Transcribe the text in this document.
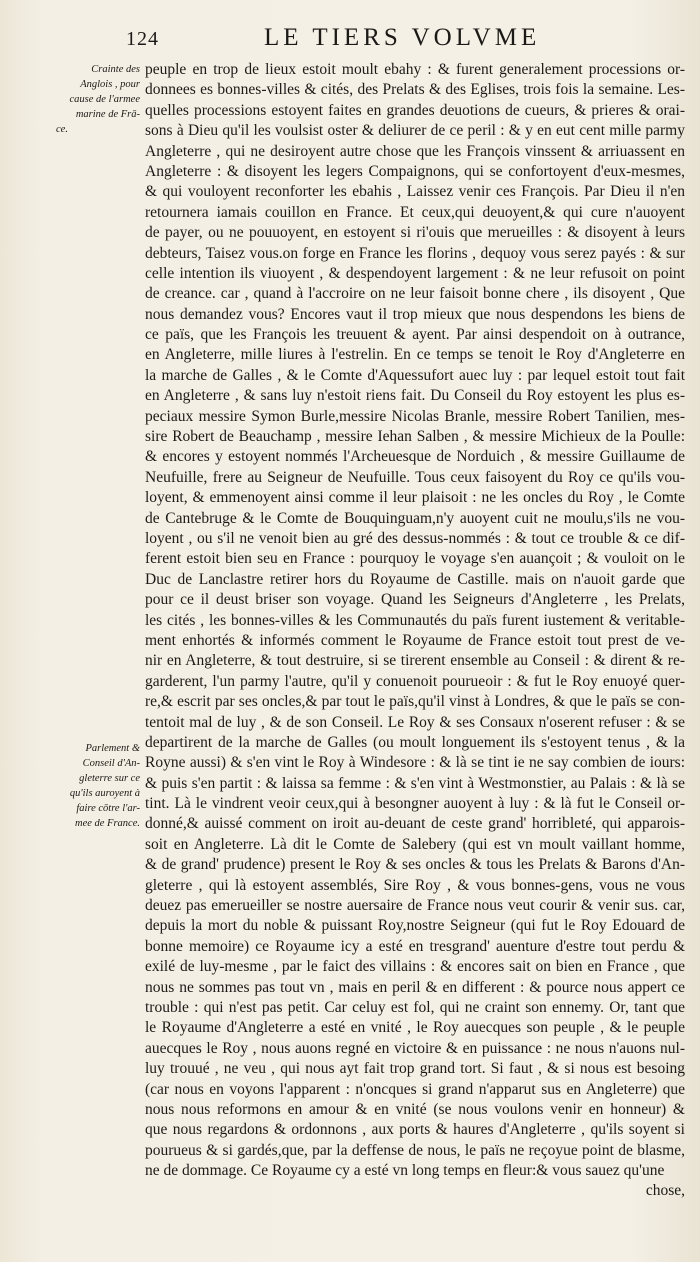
124	LE TIERS VOLVME
Crainte des
Anglois , pour
cause de l'armee
marine de Frā-
ce.
Parlement &
Conseil d'An-
gleterre sur ce
qu'ils auroyent à
faire cōtre l'ar-
mee de France.
peuple en trop de lieux estoit moult ebahy : & furent generalement processions or-
donnees es bonnes-villes & cités, des Prelats & des Eglises, trois fois la semaine. Les-
quelles processions estoyent faites en grandes deuotions de cueurs, & prieres & orai-
sons à Dieu qu'il les voulsist oster & deliurer de ce peril : & y en eut cent mille parmy
Angleterre , qui ne desiroyent autre chose que les François vinssent & arriuassent en
Angleterre : & disoyent les legers Compaignons, qui se confortoyent d'eux-mesmes,
& qui vouloyent reconforter les ebahis , Laissez venir ces François. Par Dieu il n'en
retournera iamais couillon en France. Et ceux,qui deuoyent,& qui cure n'auoyent
de payer, ou ne pouuoyent, en estoyent si ri'ouis que merueilles : & disoyent à leurs
debteurs, Taisez vous.on forge en France les florins , dequoy vous serez payés : & sur
celle intention ils viuoyent , & despendoyent largement : & ne leur refusoit on point
de creance. car , quand à l'accroire on ne leur faisoit bonne chere , ils disoyent , Que
nous demandez vous? Encores vaut il trop mieux que nous despendons les biens de
ce païs, que les François les treuuent & ayent. Par ainsi despendoit on à outrance,
en Angleterre, mille liures à l'estrelin. En ce temps se tenoit le Roy d'Angleterre en
la marche de Galles , & le Comte d'Aquessufort auec luy : par lequel estoit tout fait
en Angleterre , & sans luy n'estoit riens fait. Du Conseil du Roy estoyent les plus es-
peciaux messire Symon Burle,messire Nicolas Branle, messire Robert Tanilien, mes-
sire Robert de Beauchamp , messire Iehan Salben , & messire Michieux de la Poulle:
& encores y estoyent nommés l'Archeuesque de Norduich , & messire Guillaume de
Neufuille, frere au Seigneur de Neufuille. Tous ceux faisoyent du Roy ce qu'ils vou-
loyent, & emmenoyent ainsi comme il leur plaisoit : ne les oncles du Roy , le Comte
de Cantebruge & le Comte de Bouquinguam,n'y auoyent cuit ne moulu,s'ils ne vou-
loyent , ou s'il ne venoit bien au gré des dessus-nommés : & tout ce trouble & ce dif-
ferent estoit bien seu en France : pourquoy le voyage s'en auançoit ; & vouloit on le
Duc de Lanclastre retirer hors du Royaume de Castille. mais on n'auoit garde que
pour ce il deust briser son voyage. Quand les Seigneurs d'Angleterre , les Prelats,
les cités , les bonnes-villes & les Communautés du païs furent iustement & veritable-
ment enhortés & informés comment le Royaume de France estoit tout prest de ve-
nir en Angleterre, & tout destruire, si se tirerent ensemble au Conseil : & dirent & re-
garderent, l'un parmy l'autre, qu'il y conuenoit pourueoir : & fut le Roy enuoyé quer-
re,& escrit par ses oncles,& par tout le païs,qu'il vinst à Londres, & que le païs se con-
tentoit mal de luy , & de son Conseil. Le Roy & ses Consaux n'oserent refuser : & se
departirent de la marche de Galles (ou moult longuement ils s'estoyent tenus , & la
Royne aussi) & s'en vint le Roy à Windesore : & là se tint ie ne say combien de iours:
& puis s'en partit : & laissa sa femme : & s'en vint à Westmonstier, au Palais : & là se
tint. Là le vindrent veoir ceux,qui à besongner auoyent à luy : & là fut le Conseil or-
donné,& auissé comment on iroit au-deuant de ceste grand' horribleté, qui apparois-
soit en Angleterre. Là dit le Comte de Salebery (qui est vn moult vaillant homme,
& de grand' prudence) present le Roy & ses oncles & tous les Prelats & Barons d'An-
gleterre , qui là estoyent assemblés, Sire Roy , & vous bonnes-gens, vous ne vous
deuez pas emerueiller se nostre auersaire de France nous veut courir & venir sus. car,
depuis la mort du noble & puissant Roy,nostre Seigneur (qui fut le Roy Edouard de
bonne memoire) ce Royaume icy a esté en tresgrand' auenture d'estre tout perdu &
exilé de luy-mesme , par le faict des villains : & encores sait on bien en France , que
nous ne sommes pas tout vn , mais en peril & en different : & pource nous appert ce
trouble : qui n'est pas petit. Car celuy est fol, qui ne craint son ennemy. Or, tant que
le Royaume d'Angleterre a esté en vnité , le Roy auecques son peuple , & le peuple
auecques le Roy , nous auons regné en victoire & en puissance : ne nous n'auons nul-
luy trouué , ne veu , qui nous ayt fait trop grand tort. Si faut , & si nous est besoing
(car nous en voyons l'apparent : n'oncques si grand n'apparut sus en Angleterre) que
nous nous reformons en amour & en vnité (se nous voulons venir en honneur) &
que nous regardons & ordonnons , aux ports & haures d'Angleterre , qu'ils soyent si
pourueus & si gardés,que, par la deffense de nous, le païs ne reçoyue point de blasme,
ne de dommage. Ce Royaume cy a esté vn long temps en fleur:& vous sauez qu'une
chose,
